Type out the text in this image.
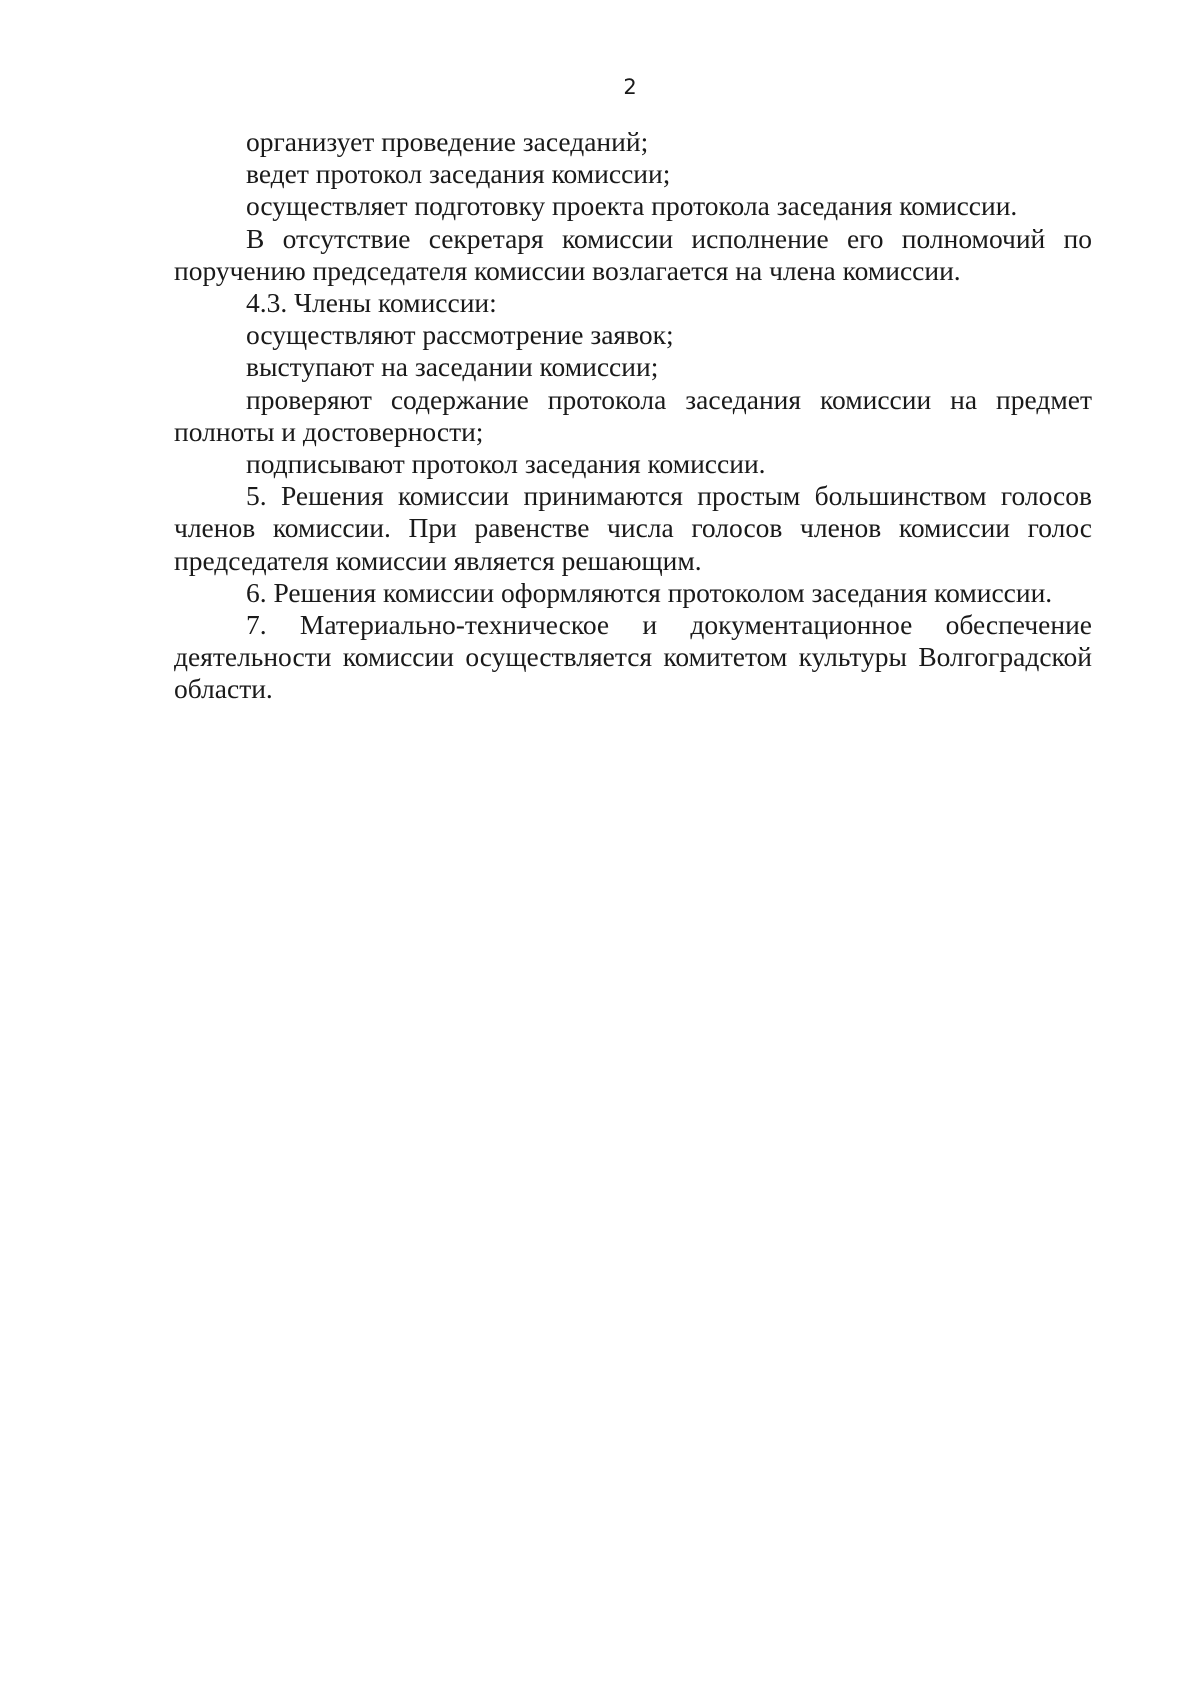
2

организует проведение заседаний;

ведет протокол заседания комиссии;

осуществляет подготовку проекта протокола заседания комиссии.

В отсутствие секретаря комиссии исполнение его полномочий по поручению председателя комиссии возлагается на члена комиссии.

4.3. Члены комиссии:

осуществляют рассмотрение заявок;

выступают на заседании комиссии;

проверяют содержание протокола заседания комиссии на предмет полноты и достоверности;

подписывают протокол заседания комиссии.

5. Решения комиссии принимаются простым большинством голосов членов комиссии. При равенстве числа голосов членов комиссии голос председателя комиссии является решающим.

6. Решения комиссии оформляются протоколом заседания комиссии.

7. Материально-техническое и документационное обеспечение деятельности комиссии осуществляется комитетом культуры Волгоградской области.
